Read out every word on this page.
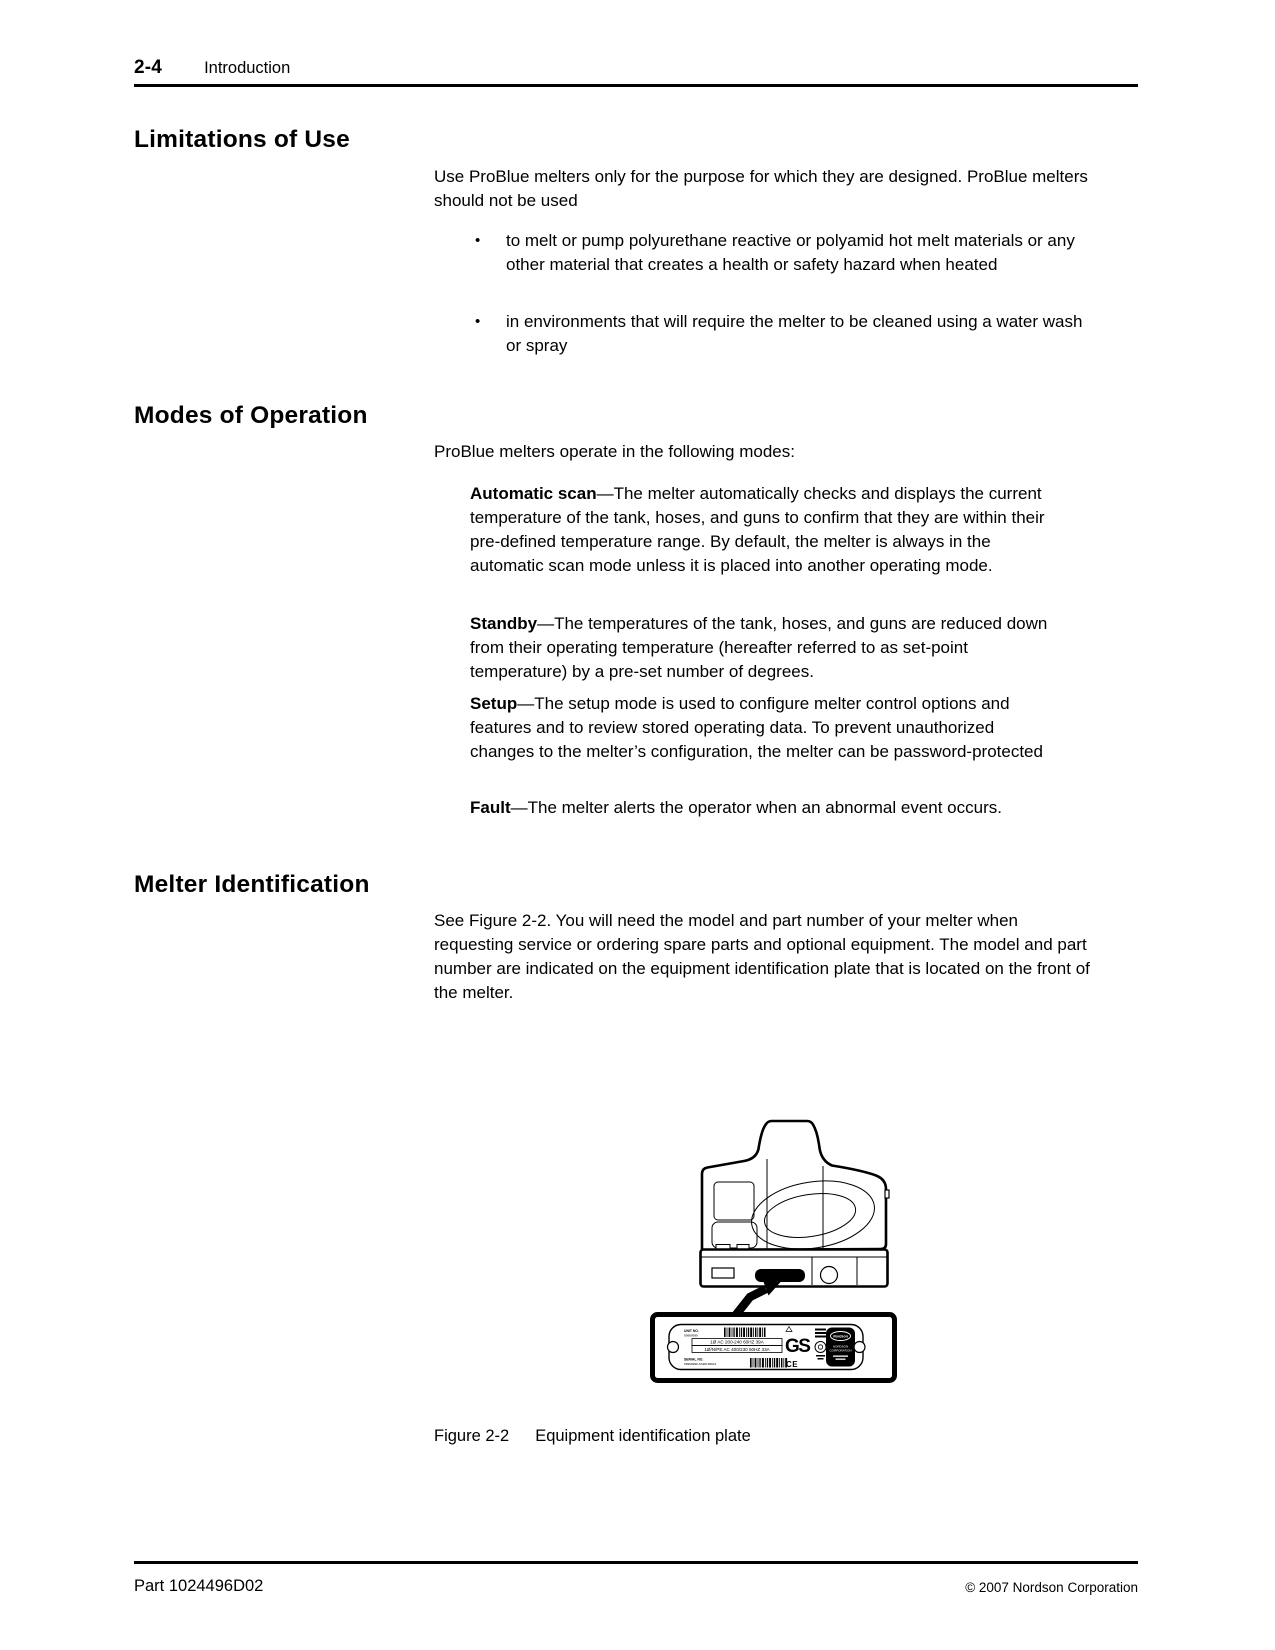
2-4	Introduction
Limitations of Use
Use ProBlue melters only for the purpose for which they are designed. ProBlue melters should not be used
•	to melt or pump polyurethane reactive or polyamid hot melt materials or any other material that creates a health or safety hazard when heated
•	in environments that will require the melter to be cleaned using a water wash or spray
Modes of Operation
ProBlue melters operate in the following modes:
Automatic scan—The melter automatically checks and displays the current temperature of the tank, hoses, and guns to confirm that they are within their pre-defined temperature range. By default, the melter is always in the automatic scan mode unless it is placed into another operating mode.
Standby—The temperatures of the tank, hoses, and guns are reduced down from their operating temperature (hereafter referred to as set-point temperature) by a pre-set number of degrees.
Setup—The setup mode is used to configure melter control options and features and to review stored operating data. To prevent unauthorized changes to the melter’s configuration, the melter can be password-protected
Fault—The melter alerts the operator when an abnormal event occurs.
Melter Identification
See Figure 2-2. You will need the model and part number of your melter when requesting service or ordering spare parts and optional equipment. The model and part number are indicated on the equipment identification plate that is located on the front of the melter.
UNIT NO.
99999999
1Ø AC 200-240 60HZ 39A
1Ø/N/PE AC 400/230 50HZ 33A
SERIAL NO.
99999999 AS99199921
GS
CE
Nordson
NORDSON
CORPORATION
Figure 2-2 Equipment identification plate
Part 1024496D02	© 2007 Nordson Corporation
